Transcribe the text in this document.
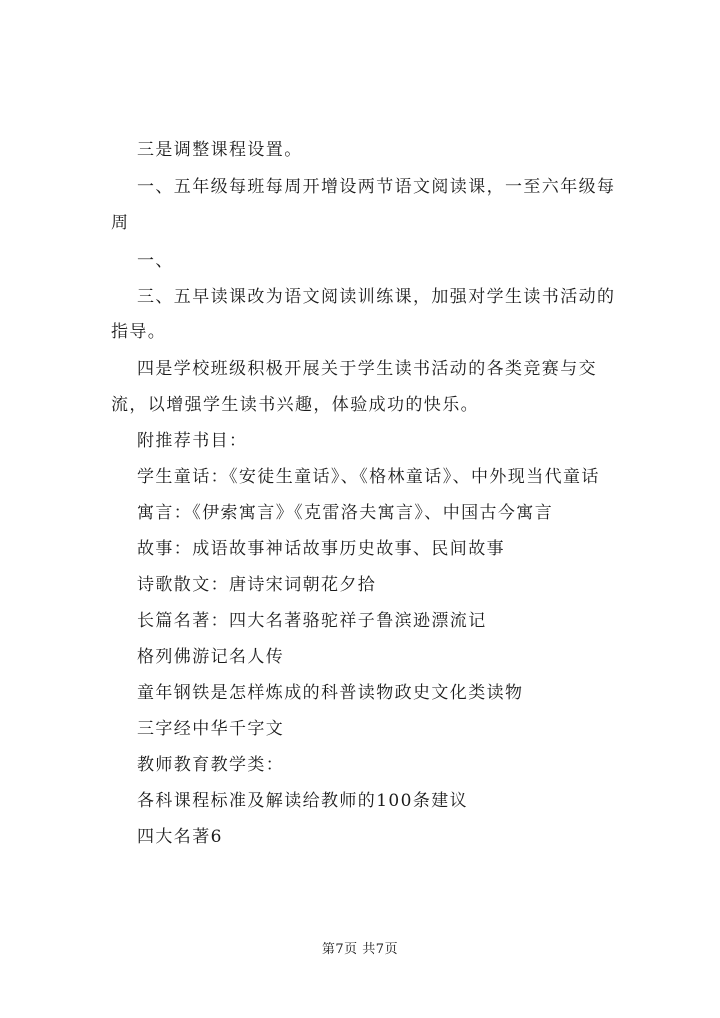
三是调整课程设置。
一、五年级每班每周开增设两节语文阅读课，一至六年级每
周
一、
三、五早读课改为语文阅读训练课，加强对学生读书活动的
指导。
四是学校班级积极开展关于学生读书活动的各类竞赛与交
流，以增强学生读书兴趣，体验成功的快乐。
附推荐书目：
学生童话：《安徒生童话》、《格林童话》、中外现当代童话
寓言：《伊索寓言》《克雷洛夫寓言》、中国古今寓言
故事：成语故事神话故事历史故事、民间故事
诗歌散文：唐诗宋词朝花夕拾
长篇名著：四大名著骆驼祥子鲁滨逊漂流记
格列佛游记名人传
童年钢铁是怎样炼成的科普读物政史文化类读物
三字经中华千字文
教师教育教学类：
各科课程标准及解读给教师的100条建议
四大名著6
第7页 共7页
